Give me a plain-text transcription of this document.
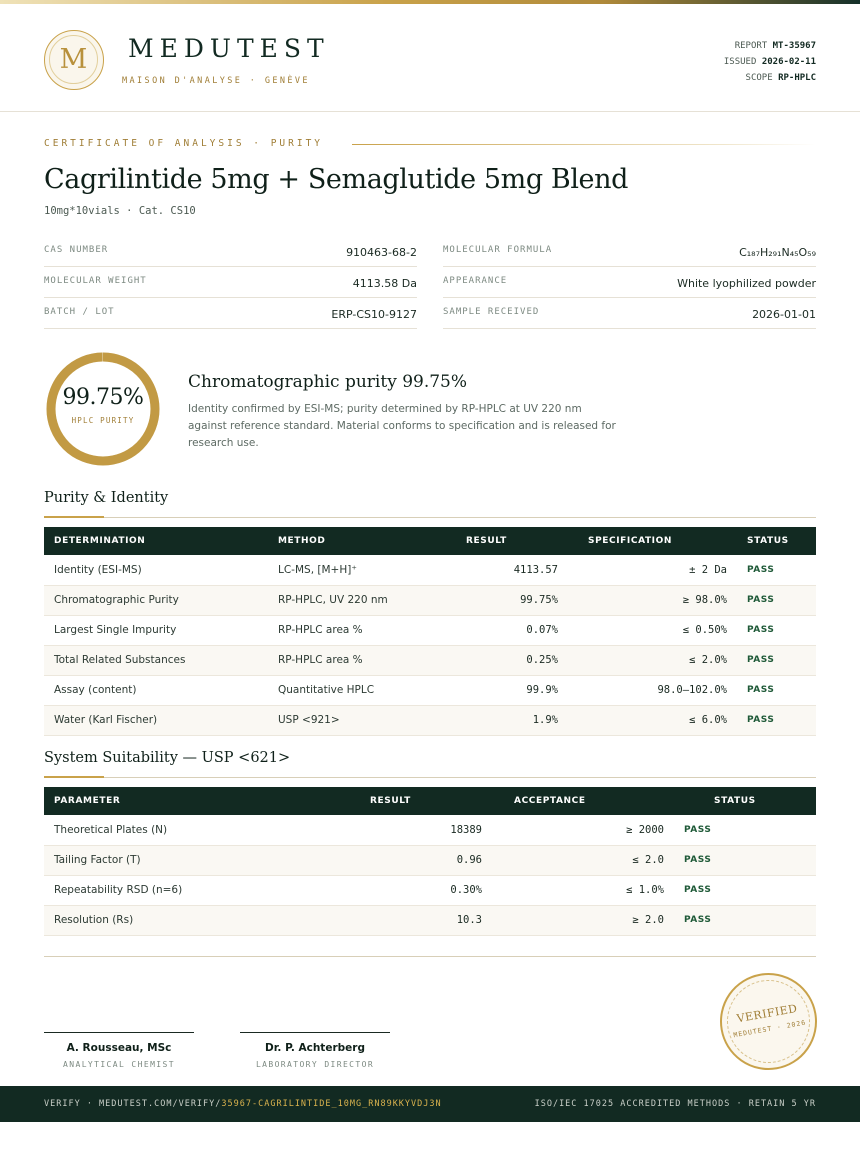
M	MEDUTEST
MAISON D'ANALYSE · GENÈVE
REPORT MT-35967
ISSUED 2026-02-11
SCOPE RP-HPLC
CERTIFICATE OF ANALYSIS · PURITY
Cagrilintide 5mg + Semaglutide 5mg Blend
10mg*10vials · Cat. CS10
CAS NUMBER	910463-68-2	MOLECULAR FORMULA	C₁₈₇H₂₉₁N₄₅O₅₉
MOLECULAR WEIGHT	4113.58 Da	APPEARANCE	White lyophilized powder
BATCH / LOT	ERP-CS10-9127	SAMPLE RECEIVED	2026-01-01
99.75%
HPLC PURITY
Chromatographic purity 99.75%
Identity confirmed by ESI-MS; purity determined by RP-HPLC at UV 220 nm against reference standard. Material conforms to specification and is released for research use.
Purity & Identity
DETERMINATION	METHOD	RESULT	SPECIFICATION	STATUS
Identity (ESI-MS)	LC-MS, [M+H]⁺	4113.57	± 2 Da	PASS
Chromatographic Purity	RP-HPLC, UV 220 nm	99.75%	≥ 98.0%	PASS
Largest Single Impurity	RP-HPLC area %	0.07%	≤ 0.50%	PASS
Total Related Substances	RP-HPLC area %	0.25%	≤ 2.0%	PASS
Assay (content)	Quantitative HPLC	99.9%	98.0–102.0%	PASS
Water (Karl Fischer)	USP <921>	1.9%	≤ 6.0%	PASS
System Suitability — USP <621>
PARAMETER	RESULT	ACCEPTANCE	STATUS
Theoretical Plates (N)	18389	≥ 2000	PASS
Tailing Factor (T)	0.96	≤ 2.0	PASS
Repeatability RSD (n=6)	0.30%	≤ 1.0%	PASS
Resolution (Rs)	10.3	≥ 2.0	PASS
A. Rousseau, MSc
ANALYTICAL CHEMIST
Dr. P. Achterberg
LABORATORY DIRECTOR
VERIFIED
MEDUTEST · 2026
VERIFY · MEDUTEST.COM/VERIFY/35967-CAGRILINTIDE_10MG_RN89KKYVDJ3N	ISO/IEC 17025 ACCREDITED METHODS · RETAIN 5 YR
